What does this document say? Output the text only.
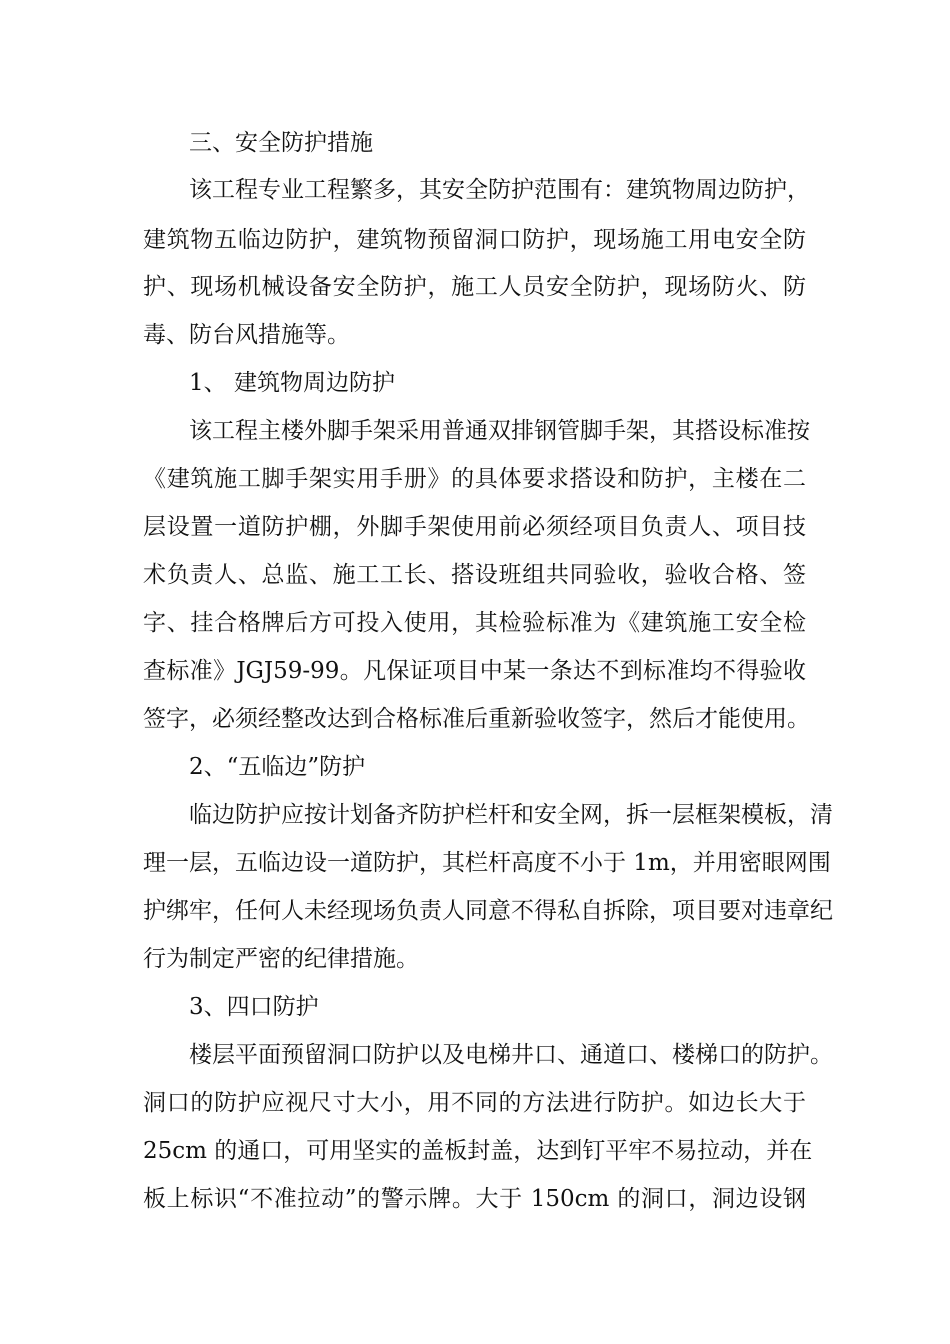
三、安全防护措施
该工程专业工程繁多，其安全防护范围有：建筑物周边防护，
建筑物五临边防护，建筑物预留洞口防护，现场施工用电安全防
护、现场机械设备安全防护，施工人员安全防护，现场防火、防
毒、防台风措施等。
1、 建筑物周边防护
该工程主楼外脚手架采用普通双排钢管脚手架，其搭设标准按
《建筑施工脚手架实用手册》的具体要求搭设和防护，主楼在二
层设置一道防护棚，外脚手架使用前必须经项目负责人、项目技
术负责人、总监、施工工长、搭设班组共同验收，验收合格、签
字、挂合格牌后方可投入使用，其检验标准为《建筑施工安全检
查标准》JGJ59-99。凡保证项目中某一条达不到标准均不得验收
签字，必须经整改达到合格标准后重新验收签字，然后才能使用。
2、“五临边”防护
临边防护应按计划备齐防护栏杆和安全网，拆一层框架模板，清
理一层，五临边设一道防护，其栏杆高度不小于 1m，并用密眼网围
护绑牢，任何人未经现场负责人同意不得私自拆除，项目要对违章纪
行为制定严密的纪律措施。
3、四口防护
楼层平面预留洞口防护以及电梯井口、通道口、楼梯口的防护。
洞口的防护应视尺寸大小，用不同的方法进行防护。如边长大于
25cm 的通口，可用坚实的盖板封盖，达到钉平牢不易拉动，并在
板上标识“不准拉动”的警示牌。大于 150cm 的洞口，洞边设钢
